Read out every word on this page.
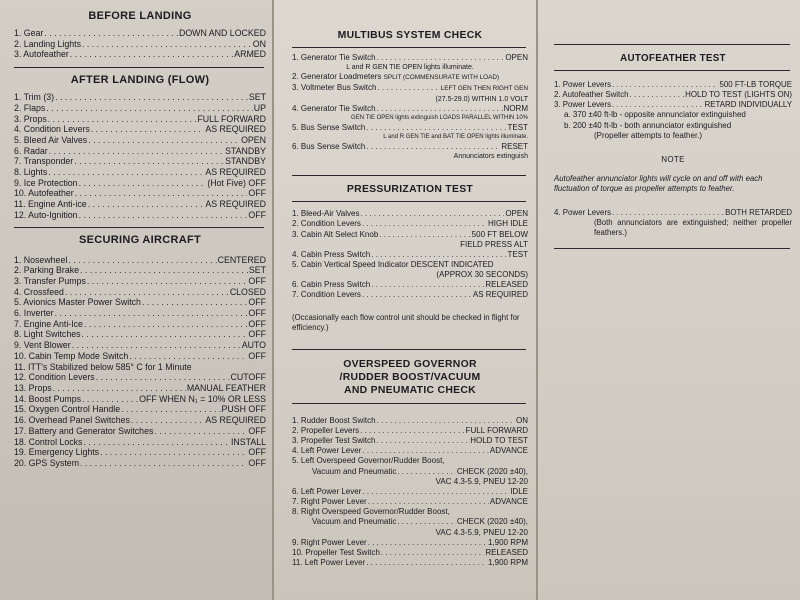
BEFORE LANDING
1. Gear . . .	DOWN AND LOCKED
2. Landing Lights . . .	ON
3. Autofeather . . .	ARMED
AFTER LANDING (FLOW)
1. Trim (3) . . .	SET
2. Flaps . . .	UP
3. Props . . .	FULL FORWARD
4. Condition Levers . . .	AS REQUIRED
5. Bleed Air Valves . . .	OPEN
6. Radar . . .	STANDBY
7. Transponder . . .	STANDBY
8. Lights . . .	AS REQUIRED
9. Ice Protection . . .	(Hot Five) OFF
10. Autofeather . . .	OFF
11. Engine Anti-ice . . .	AS REQUIRED
12. Auto-Ignition . . .	OFF
SECURING AIRCRAFT
1. Nosewheel . . .	CENTERED
2. Parking Brake . . .	SET
3. Transfer Pumps . . .	OFF
4. Crossfeed . . .	CLOSED
5. Avionics Master Power Switch . . .	OFF
6. Inverter . . .	OFF
7. Engine Anti-Ice . . .	OFF
8. Light Switches . . .	OFF
9. Vent Blower . . .	AUTO
10. Cabin Temp Mode Switch . . .	OFF
11. ITT's Stabilized below 585° C for 1 Minute
12. Condition Levers . . .	CUTOFF
13. Props . . .	MANUAL FEATHER
14. Boost Pumps . . .	OFF WHEN N₁ = 10% OR LESS
15. Oxygen Control Handle . . .	PUSH OFF
16. Overhead Panel Switches . . .	AS REQUIRED
17. Battery and Generator Switches . . .	OFF
18. Control Locks . . .	INSTALL
19. Emergency Lights . . .	OFF
20. GPS System . . .	OFF
MULTIBUS SYSTEM CHECK
1. Generator Tie Switch . . .	OPEN
L and R GEN TIE OPEN lights illuminate.
2. Generator Loadmeters
SPLIT (COMMENSURATE WITH LOAD)
3. Voltmeter Bus Switch . . .	LEFT GEN THEN RIGHT GEN
(27.5-29.0) WITHIN 1.0 VOLT
4. Generator Tie Switch . . .	NORM
GEN TIE OPEN lights extinguish LOADS PARALLEL WITHIN 10%
5. Bus Sense Switch . . .	TEST
L and R GEN TIE and BAT TIE OPEN lights illuminate.
6. Bus Sense Switch . . .	RESET
Annunciators extinguish
PRESSURIZATION TEST
1. Bleed-Air Valves . . .	OPEN
2. Condition Levers . . .	HIGH IDLE
3. Cabin Alt Select Knob . . .	500 FT BELOW
FIELD PRESS ALT
4. Cabin Press Switch . . .	TEST
5. Cabin Vertical Speed Indicator
DESCENT INDICATED
(APPROX 30 SECONDS)
6. Cabin Press Switch . . .	RELEASED
7. Condition Levers . . .	AS REQUIRED
(Occasionally each flow control unit should be checked in flight for efficiency.)
OVERSPEED GOVERNOR
/RUDDER BOOST/VACUUM
AND PNEUMATIC CHECK
1. Rudder Boost Switch . . .	ON
2. Propeller Levers . . .	FULL FORWARD
3. Propeller Test Switch . . .	HOLD TO TEST
4. Left Power Lever . . .	ADVANCE
5. Left Overspeed Governor/Rudder Boost,
Vacuum and Pneumatic . . .	CHECK (2020 ±40),
VAC 4.3-5.9, PNEU 12-20
6. Left Power Lever . . .	IDLE
7. Right Power Lever . . .	ADVANCE
8. Right Overspeed Governor/Rudder Boost,
Vacuum and Pneumatic . . .	CHECK (2020 ±40),
VAC 4.3-5.9, PNEU 12-20
9. Right Power Lever . . .	1,900 RPM
10. Propeller Test Switch . . .	RELEASED
11. Left Power Lever . . .	1,900 RPM
AUTOFEATHER TEST
1. Power Levers . . .	500 FT-LB TORQUE
2. Autofeather Switch . . .	HOLD TO TEST (LIGHTS ON)
3. Power Levers . . .	RETARD INDIVIDUALLY
a. 370 ±40 ft-lb - opposite annunciator extinguished
b. 200 ±40 ft-lb - both annunciator extinguished
(Propeller attempts to feather.)
NOTE
Autofeather annunciator lights will cycle on and off with each fluctuation of torque as propeller attempts to feather.
4. Power Levers . . .	BOTH RETARDED
(Both annunciators are extinguished; neither propeller feathers.)
